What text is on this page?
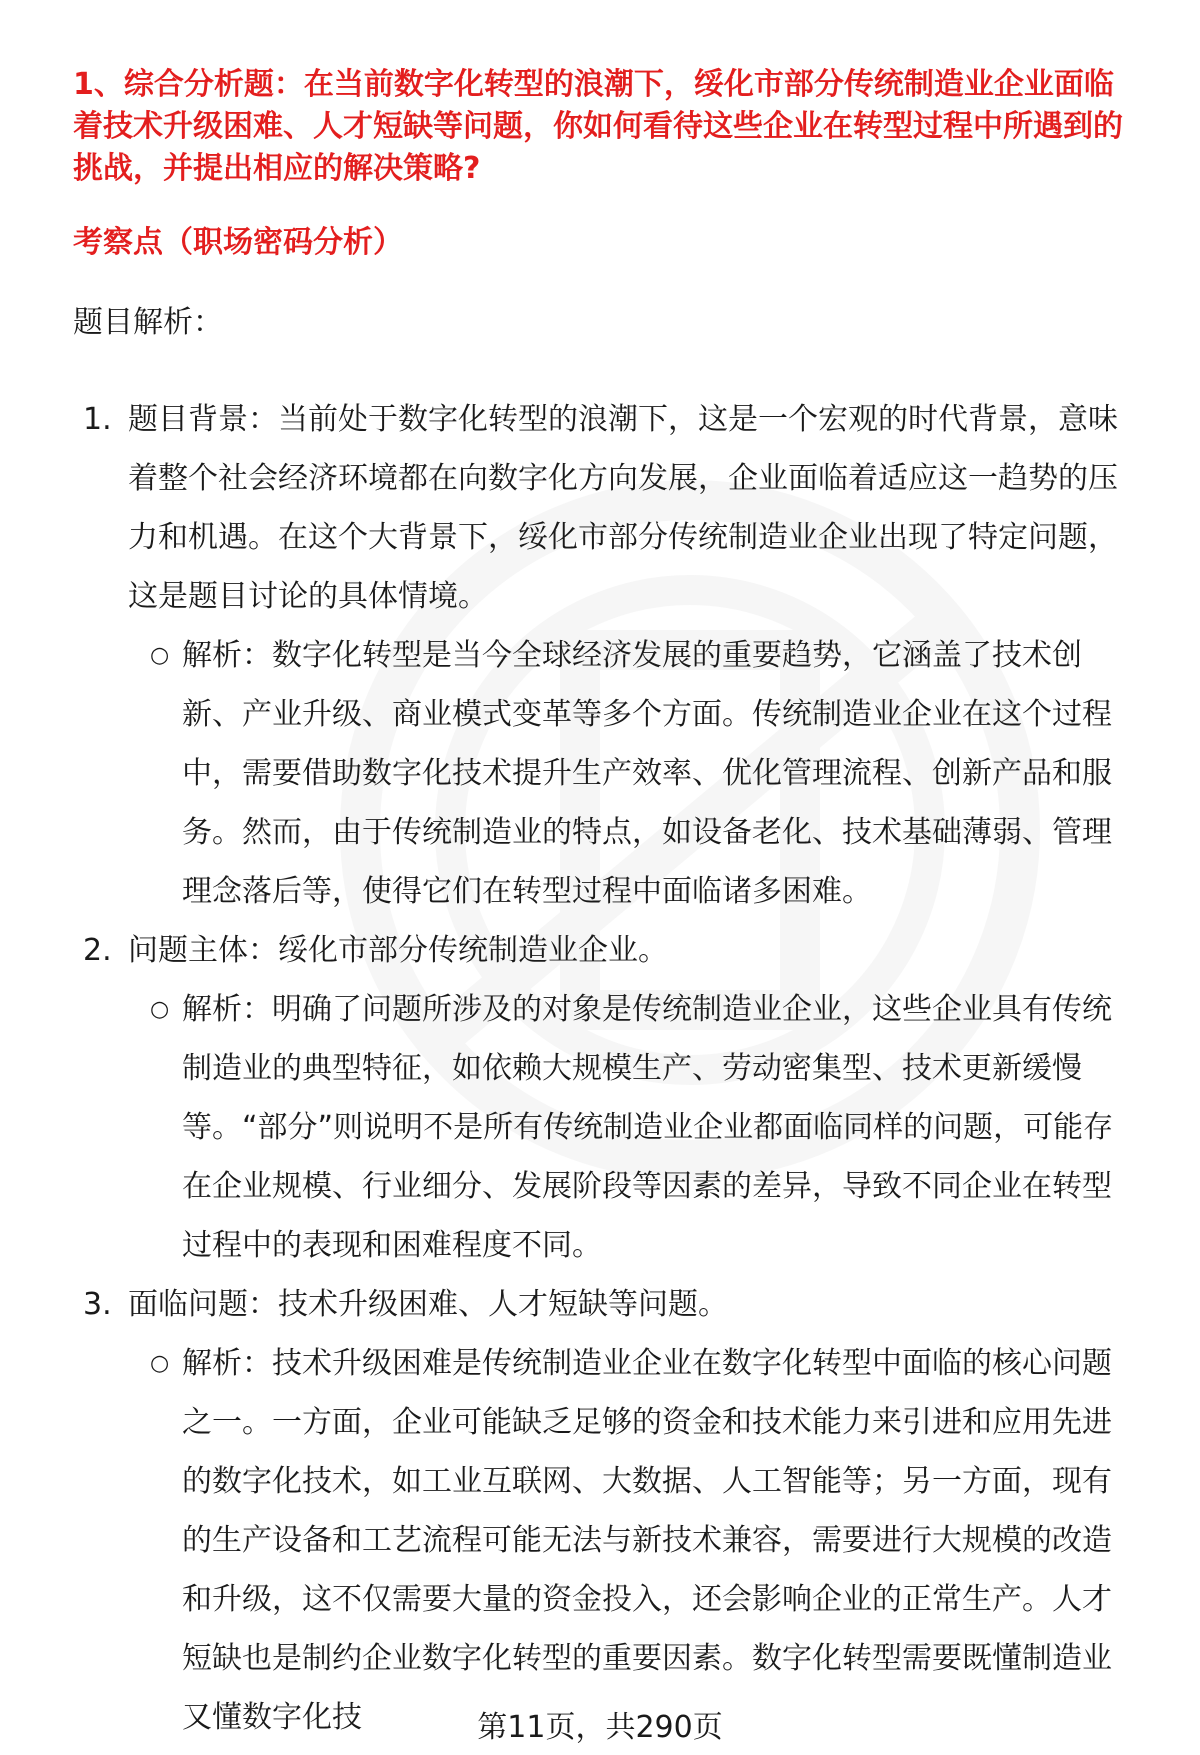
1、综合分析题：在当前数字化转型的浪潮下，绥化市部分传统制造业企业面临着技术升级困难、人才短缺等问题，你如何看待这些企业在转型过程中所遇到的挑战，并提出相应的解决策略?

考察点（职场密码分析）

题目解析：

1. 题目背景：当前处于数字化转型的浪潮下，这是一个宏观的时代背景，意味着整个社会经济环境都在向数字化方向发展，企业面临着适应这一趋势的压力和机遇。在这个大背景下，绥化市部分传统制造业企业出现了特定问题，这是题目讨论的具体情境。
○ 解析：数字化转型是当今全球经济发展的重要趋势，它涵盖了技术创新、产业升级、商业模式变革等多个方面。传统制造业企业在这个过程中，需要借助数字化技术提升生产效率、优化管理流程、创新产品和服务。然而，由于传统制造业的特点，如设备老化、技术基础薄弱、管理理念落后等，使得它们在转型过程中面临诸多困难。
2. 问题主体：绥化市部分传统制造业企业。
○ 解析：明确了问题所涉及的对象是传统制造业企业，这些企业具有传统制造业的典型特征，如依赖大规模生产、劳动密集型、技术更新缓慢等。“部分”则说明不是所有传统制造业企业都面临同样的问题，可能存在企业规模、行业细分、发展阶段等因素的差异，导致不同企业在转型过程中的表现和困难程度不同。
3. 面临问题：技术升级困难、人才短缺等问题。
○ 解析：技术升级困难是传统制造业企业在数字化转型中面临的核心问题之一。一方面，企业可能缺乏足够的资金和技术能力来引进和应用先进的数字化技术，如工业互联网、大数据、人工智能等；另一方面，现有的生产设备和工艺流程可能无法与新技术兼容，需要进行大规模的改造和升级，这不仅需要大量的资金投入，还会影响企业的正常生产。人才短缺也是制约企业数字化转型的重要因素。数字化转型需要既懂制造业又懂数字化技	第11页，共290页
